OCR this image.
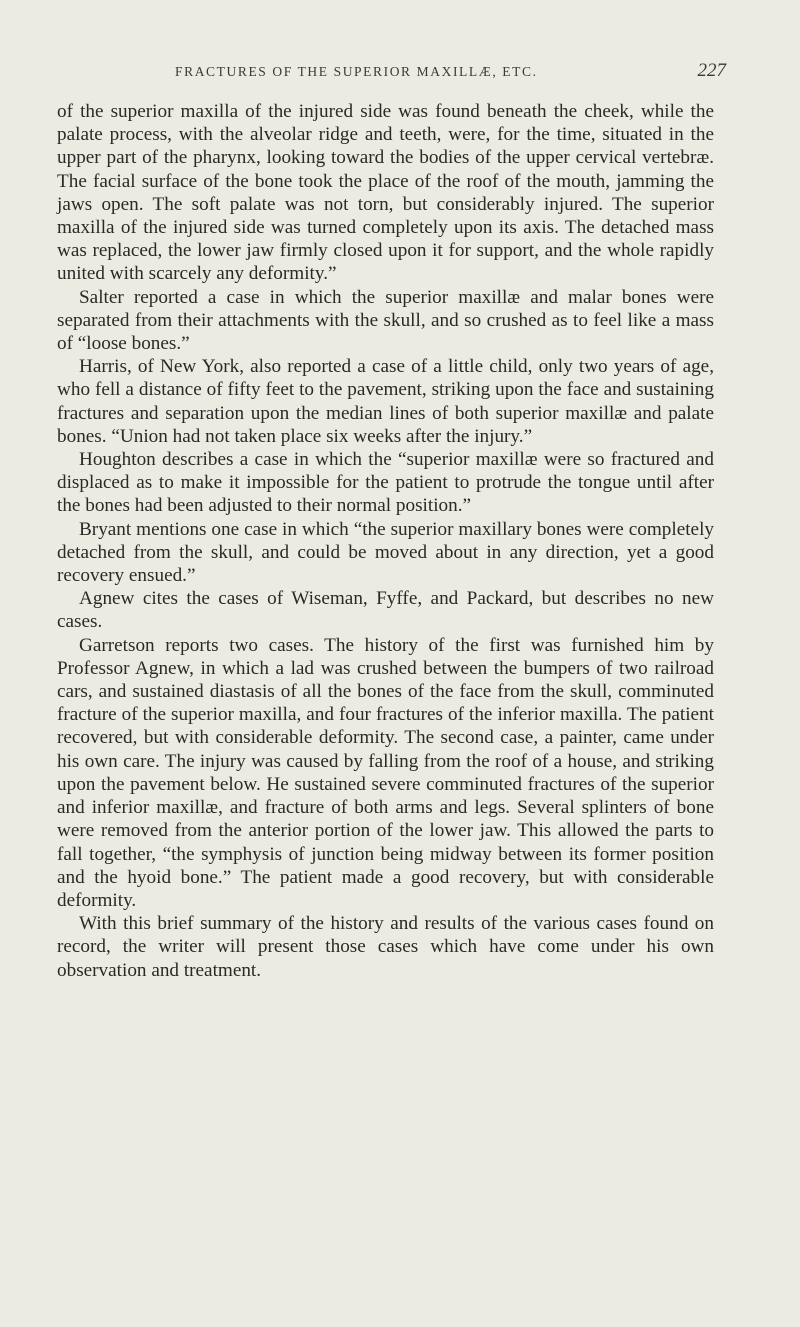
FRACTURES OF THE SUPERIOR MAXILLÆ, ETC.	227

of the superior maxilla of the injured side was found beneath the cheek, while the palate process, with the alveolar ridge and teeth, were, for the time, situated in the upper part of the pharynx, looking toward the bodies of the upper cervical vertebræ. The facial surface of the bone took the place of the roof of the mouth, jamming the jaws open. The soft palate was not torn, but considerably injured. The superior maxilla of the injured side was turned completely upon its axis. The detached mass was replaced, the lower jaw firmly closed upon it for support, and the whole rapidly united with scarcely any deformity.”

Salter reported a case in which the superior maxillæ and malar bones were separated from their attachments with the skull, and so crushed as to feel like a mass of “loose bones.”

Harris, of New York, also reported a case of a little child, only two years of age, who fell a distance of fifty feet to the pavement, striking upon the face and sustaining fractures and separation upon the median lines of both superior maxillæ and palate bones. “Union had not taken place six weeks after the injury.”

Houghton describes a case in which the “superior maxillæ were so fractured and displaced as to make it impossible for the patient to protrude the tongue until after the bones had been adjusted to their normal position.”

Bryant mentions one case in which “the superior maxillary bones were completely detached from the skull, and could be moved about in any direction, yet a good recovery ensued.”

Agnew cites the cases of Wiseman, Fyffe, and Packard, but describes no new cases.

Garretson reports two cases. The history of the first was furnished him by Professor Agnew, in which a lad was crushed between the bumpers of two railroad cars, and sustained diastasis of all the bones of the face from the skull, comminuted fracture of the superior maxilla, and four fractures of the inferior maxilla. The patient recovered, but with considerable deformity. The second case, a painter, came under his own care. The injury was caused by falling from the roof of a house, and striking upon the pavement below. He sustained severe comminuted fractures of the superior and inferior maxillæ, and fracture of both arms and legs. Several splinters of bone were removed from the anterior portion of the lower jaw. This allowed the parts to fall together, “the symphysis of junction being midway between its former position and the hyoid bone.” The patient made a good recovery, but with considerable deformity.

With this brief summary of the history and results of the various cases found on record, the writer will present those cases which have come under his own observation and treatment.
